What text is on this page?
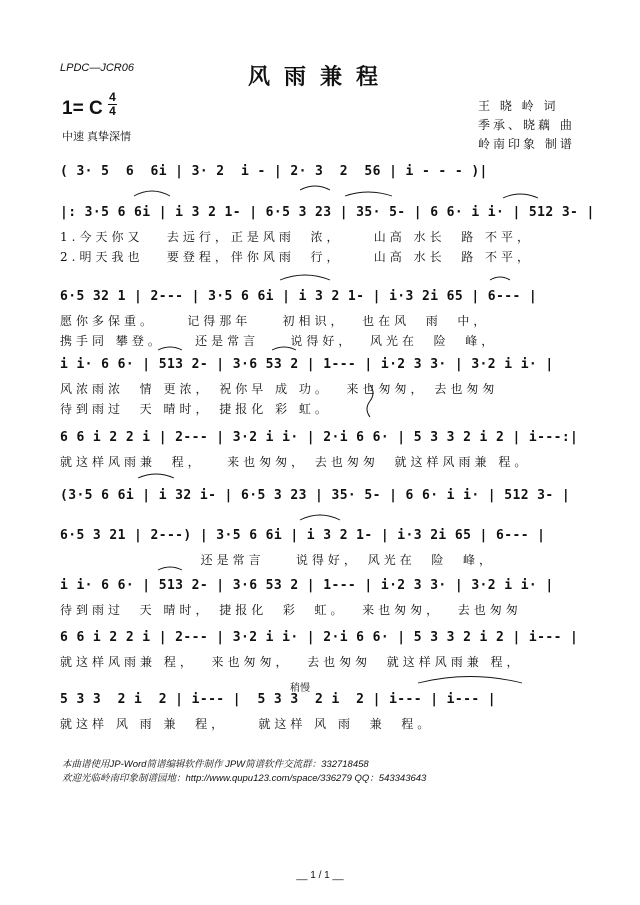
LPDC—JCR06	风雨兼程
1= C
4
4
中速 真挚深情
王 晓 岭 词
季承、晓藕 曲
岭南印象 制谱
( 3· 5  6  6i | 3· 2  i - | 2· 3  2  56 | i - - - )|
|: 3·5 6 6i | i 3 2 1- | 6·5 3 23 | 35· 5- | 6 6· i i· | 512 3- |
1.今天你又   去远行，正是风雨  浓，    山高 水长  路 不平，
2.明天我也   要登程，伴你风雨  行，    山高 水长  路 不平，
6·5 32 1 | 2--- | 3·5 6 6i | i 3 2 1- | i·3 2i 65 | 6--- |
愿你多保重。    记得那年    初相识，  也在风  雨  中，
携手同 攀登。    还是常言    说得好，  风光在  险  峰，
i i· 6 6· | 513 2- | 3·6 53 2 | 1--- | i·2 3 3· | 3·2 i i· |
风浓雨浓  情 更浓， 祝你早 成 功。  来也匆匆， 去也匆匆
待到雨过  天 晴时， 捷报化 彩 虹。
6 6 i 2 2 i | 2--- | 3·2 i i· | 2·i 6 6· | 5 3 3 2 i 2 | i---:|
就这样风雨兼  程，   来也匆匆， 去也匆匆  就这样风雨兼 程。
(3·5 6 6i | i 32 i- | 6·5 3 23 | 35· 5- | 6 6· i i· | 512 3- |
6·5 3 21 | 2---) | 3·5 6 6i | i 3 2 1- | i·3 2i 65 | 6--- |
还是常言    说得好， 风光在  险  峰，
i i· 6 6· | 513 2- | 3·6 53 2 | 1--- | i·2 3 3· | 3·2 i i· |
待到雨过  天 晴时， 捷报化  彩  虹。  来也匆匆，  去也匆匆
6 6 i 2 2 i | 2--- | 3·2 i i· | 2·i 6 6· | 5 3 3 2 i 2 | i--- |
就这样风雨兼 程，  来也匆匆，  去也匆匆  就这样风雨兼 程，
稍慢
5 3 3  2 i  2 | i--- |  5 3 3  2 i  2 | i--- | i--- |
就这样 风 雨 兼  程，    就这样 风 雨  兼  程。
本曲谱使用JP-Word简谱编辑软件制作 JPW简谱软件交流群：332718458
欢迎光临岭南印象制谱园地：http://www.qupu123.com/space/336279 QQ：543343643
__ 1 / 1 __
